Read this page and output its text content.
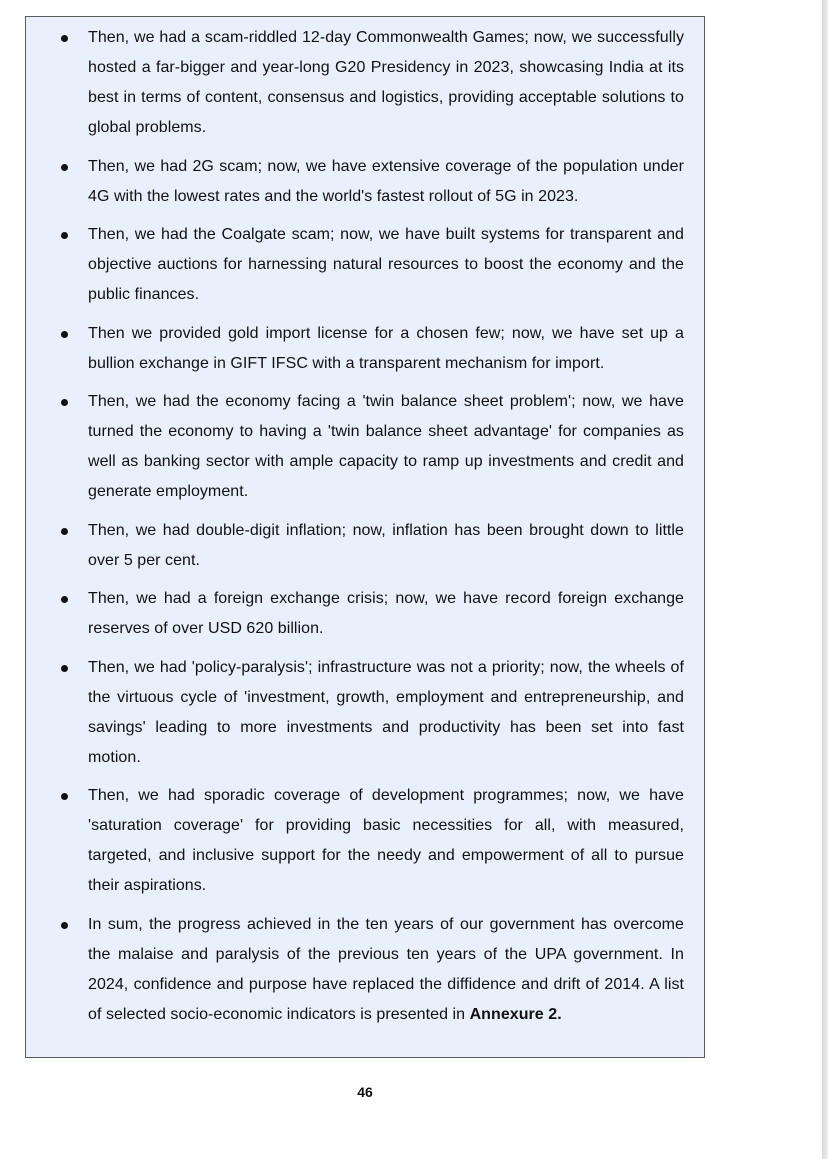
Then, we had a scam-riddled 12-day Commonwealth Games; now, we successfully hosted a far-bigger and year-long G20 Presidency in 2023, showcasing India at its best in terms of content, consensus and logistics, providing acceptable solutions to global problems.
Then, we had 2G scam; now, we have extensive coverage of the population under 4G with the lowest rates and the world's fastest rollout of 5G in 2023.
Then, we had the Coalgate scam; now, we have built systems for transparent and objective auctions for harnessing natural resources to boost the economy and the public finances.
Then we provided gold import license for a chosen few; now, we have set up a bullion exchange in GIFT IFSC with a transparent mechanism for import.
Then, we had the economy facing a 'twin balance sheet problem'; now, we have turned the economy to having a 'twin balance sheet advantage' for companies as well as banking sector with ample capacity to ramp up investments and credit and generate employment.
Then, we had double-digit inflation; now, inflation has been brought down to little over 5 per cent.
Then, we had a foreign exchange crisis; now, we have record foreign exchange reserves of over USD 620 billion.
Then, we had 'policy-paralysis'; infrastructure was not a priority; now, the wheels of the virtuous cycle of 'investment, growth, employment and entrepreneurship, and savings' leading to more investments and productivity has been set into fast motion.
Then, we had sporadic coverage of development programmes; now, we have 'saturation coverage' for providing basic necessities for all, with measured, targeted, and inclusive support for the needy and empowerment of all to pursue their aspirations.
In sum, the progress achieved in the ten years of our government has overcome the malaise and paralysis of the previous ten years of the UPA government. In 2024, confidence and purpose have replaced the diffidence and drift of 2014. A list of selected socio-economic indicators is presented in Annexure 2.
46
